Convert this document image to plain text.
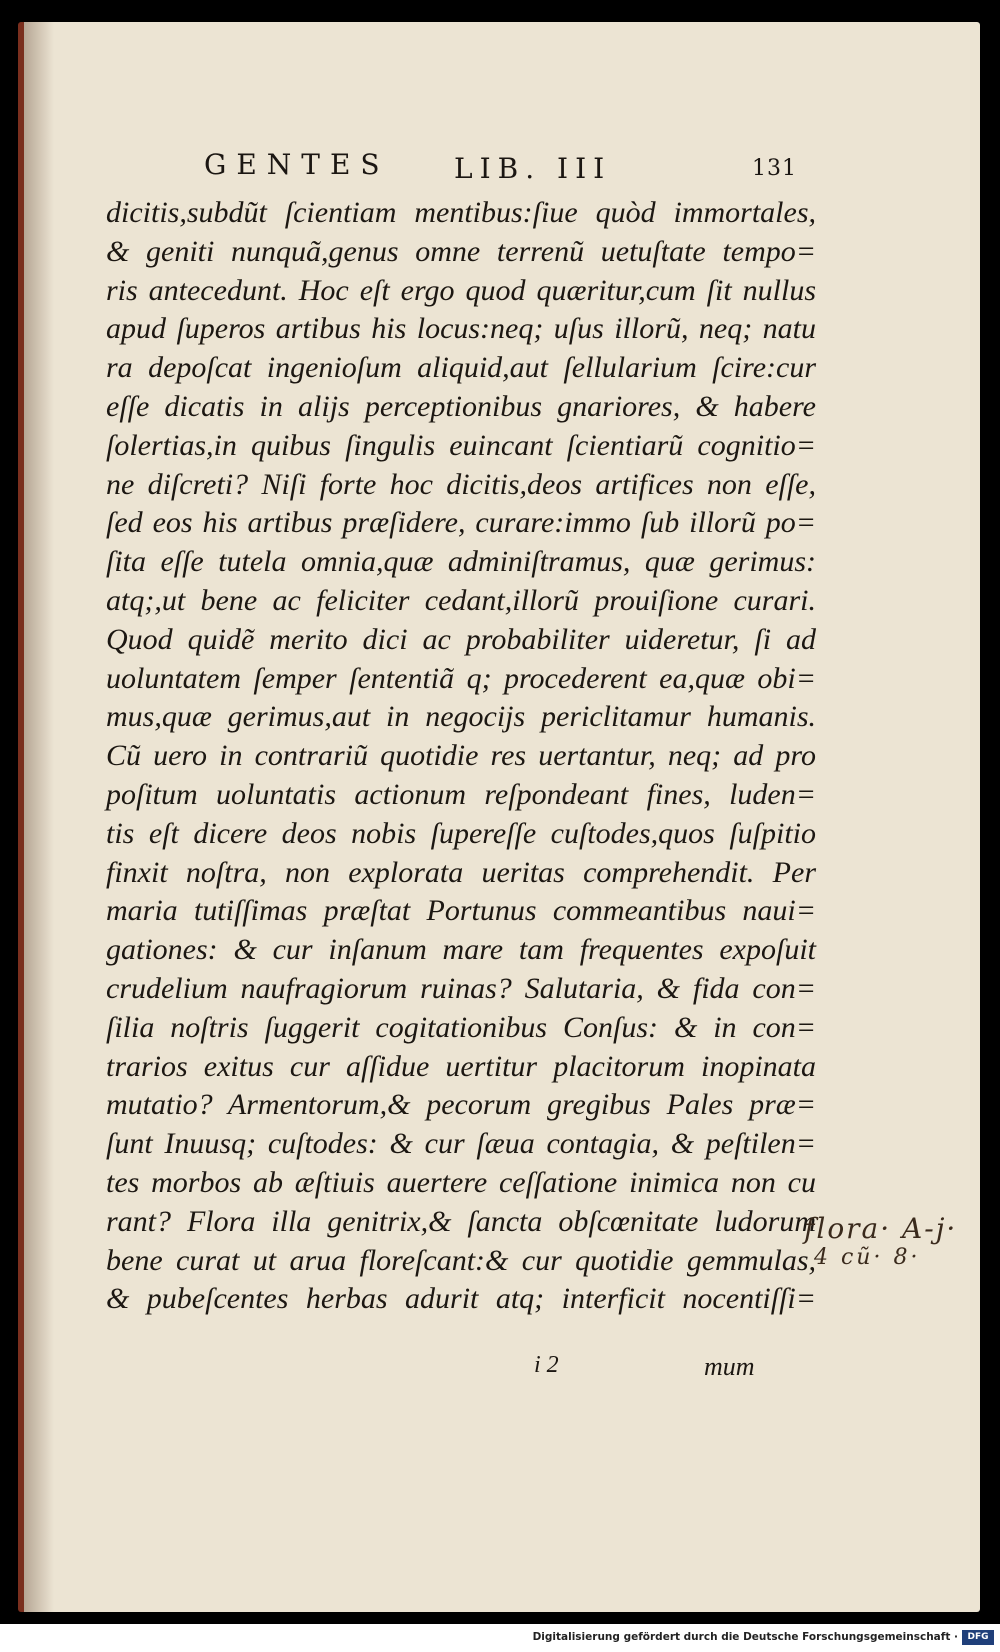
GENTES LIB. III	131
dicitis,subdũt ſcientiam mentibus:ſiue quòd immortales,
& geniti nunquã,genus omne terrenũ uetuſtate tempo=
ris antecedunt. Hoc eſt ergo quod quæritur,cum ſit nullus
apud ſuperos artibus his locus:neq; uſus illorũ, neq; natu
ra depoſcat ingenioſum aliquid,aut ſellularium ſcire:cur
eſſe dicatis in alijs perceptionibus gnariores, & habere
ſolertias,in quibus ſingulis euincant ſcientiarũ cognitio=
ne diſcreti? Niſi forte hoc dicitis,deos artifices non eſſe,
ſed eos his artibus præſidere, curare:immo ſub illorũ po=
ſita eſſe tutela omnia,quæ adminiſtramus, quæ gerimus:
atq;,ut bene ac feliciter cedant,illorũ prouiſione curari.
Quod quidẽ merito dici ac probabiliter uideretur, ſi ad
uoluntatem ſemper ſententiã q; procederent ea,quæ obi=
mus,quæ gerimus,aut in negocijs periclitamur humanis.
Cũ uero in contrariũ quotidie res uertantur, neq; ad pro
poſitum uoluntatis actionum reſpondeant fines, luden=
tis eſt dicere deos nobis ſupereſſe cuſtodes,quos ſuſpitio
finxit noſtra, non explorata ueritas comprehendit. Per
maria tutiſſimas præſtat Portunus commeantibus naui=
gationes: & cur inſanum mare tam frequentes expoſuit
crudelium naufragiorum ruinas? Salutaria, & fida con=
ſilia noſtris ſuggerit cogitationibus Conſus: & in con=
trarios exitus cur aſſidue uertitur placitorum inopinata
mutatio? Armentorum,& pecorum gregibus Pales præ=
ſunt Inuusq; cuſtodes: & cur ſæua contagia, & peſtilen=
tes morbos ab æſtiuis auertere ceſſatione inimica non cu
rant? Flora illa genitrix,& ſancta obſcœnitate ludorum
bene curat ut arua floreſcant:& cur quotidie gemmulas,
& pubeſcentes herbas adurit atq; interficit nocentiſſi=
flora· A-j·
4 cũ· 8·
i 2	mum
Digitalisierung gefördert durch die Deutsche Forschungsgemeinschaft ·	DFG
